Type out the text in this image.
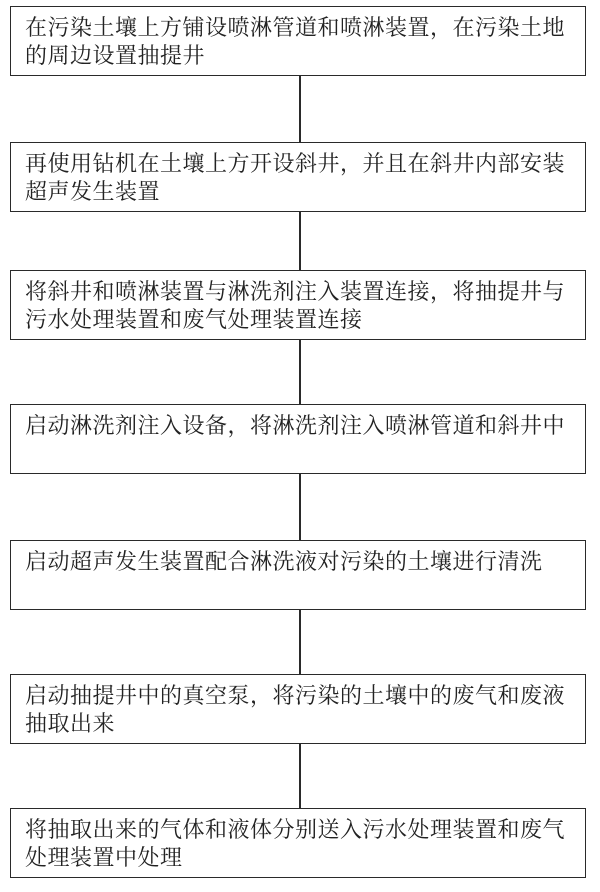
在污染土壤上方铺设喷淋管道和喷淋装置，在污染土地的周边设置抽提井
再使用钻机在土壤上方开设斜井，并且在斜井内部安装超声发生装置
将斜井和喷淋装置与淋洗剂注入装置连接，将抽提井与污水处理装置和废气处理装置连接
启动淋洗剂注入设备，将淋洗剂注入喷淋管道和斜井中
启动超声发生装置配合淋洗液对污染的土壤进行清洗
启动抽提井中的真空泵，将污染的土壤中的废气和废液抽取出来
将抽取出来的气体和液体分别送入污水处理装置和废气处理装置中处理
